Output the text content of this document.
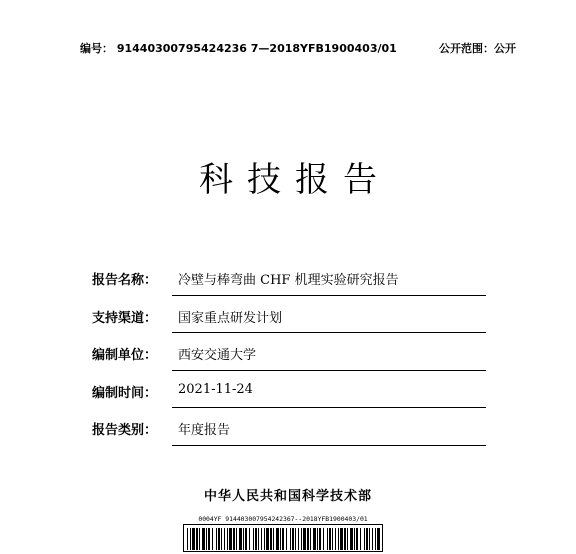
编号： 91440300795424236 7—2018YFB1900403/01	公开范围：公开
科技报告
报告名称：	冷壁与棒弯曲 CHF 机理实验研究报告
支持渠道：	国家重点研发计划
编制单位：	西安交通大学
编制时间：	2021-11-24
报告类别：	年度报告
中华人民共和国科学技术部
0004YF 914403007954242367--2018YFB1900403/01
